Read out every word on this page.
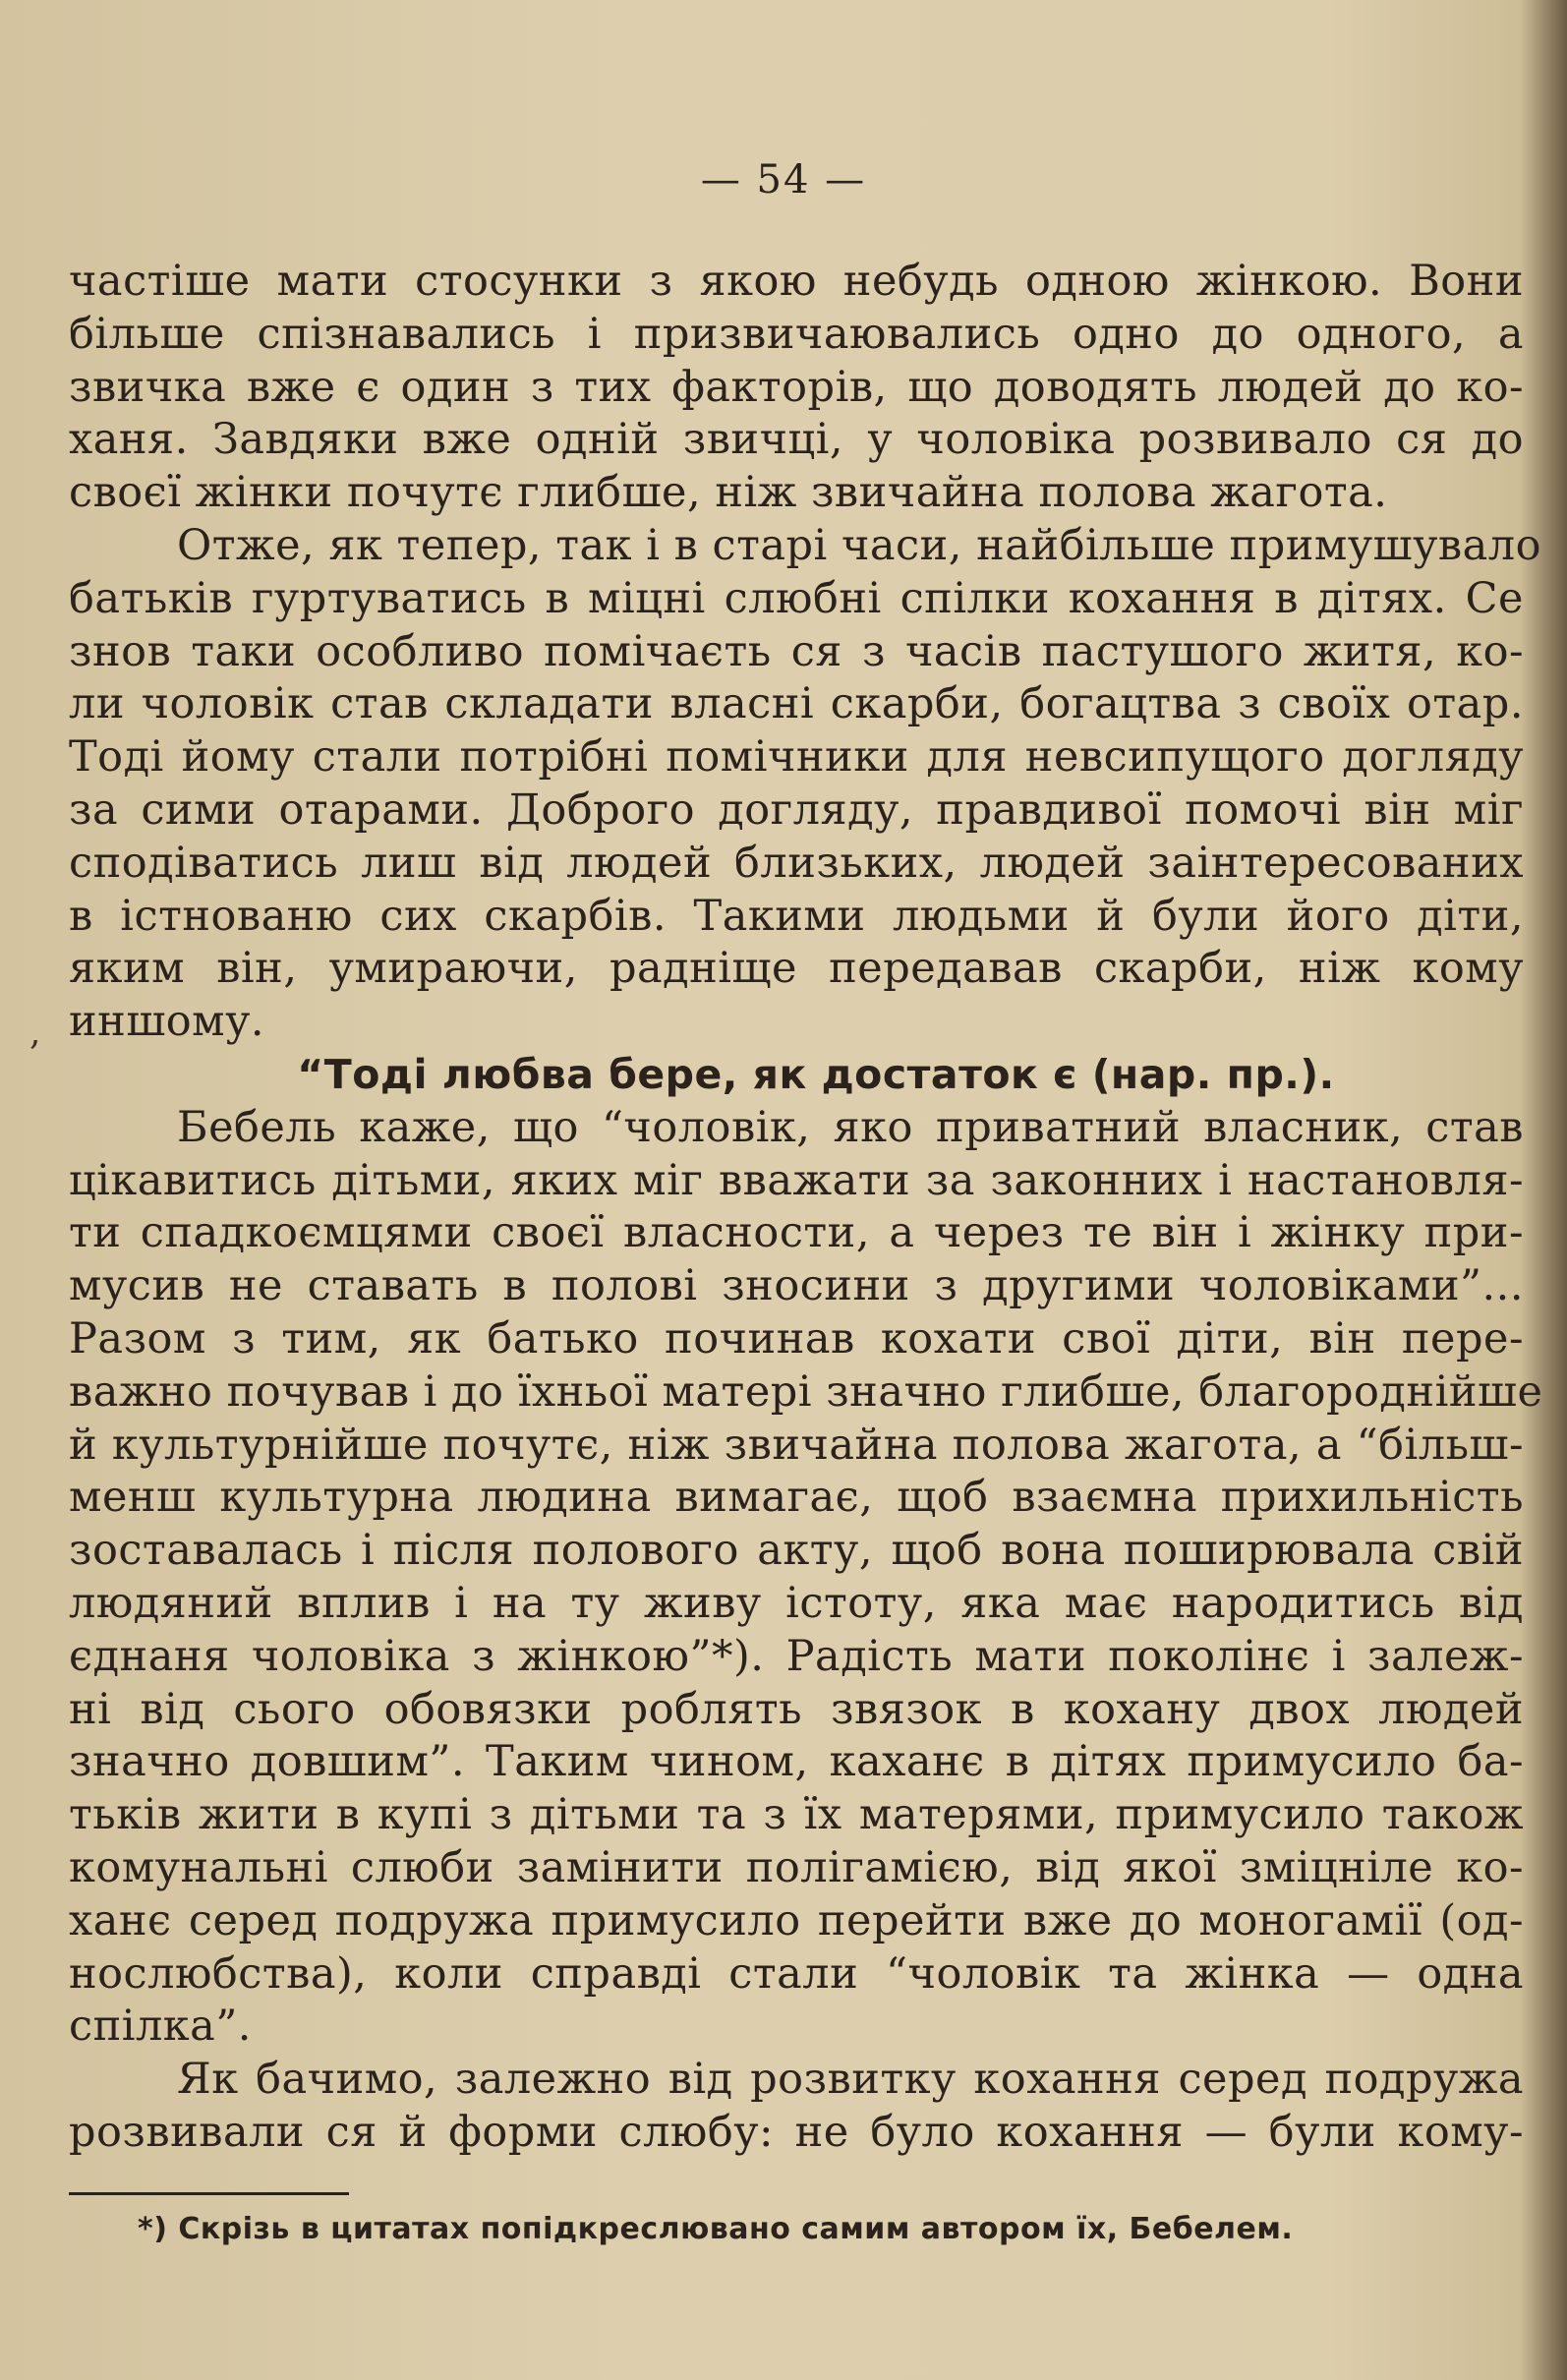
— 54 —
,
частіше мати стосунки з якою небудь одною жінкою. Вони
більше спізнавались і призвичаювались одно до одного, а
звичка вже є один з тих факторів, що доводять людей до ко-
ханя. Завдяки вже одній звичці, у чоловіка розвивало ся до
своєї жінки почутє глибше, ніж звичайна полова жагота.
Отже, як тепер, так і в старі часи, найбільше примушувало
батьків гуртуватись в міцні слюбні спілки кохання в дітях. Се
знов таки особливо помічаєть ся з часів пастушого житя, ко-
ли чоловік став складати власні скарби, богацтва з своїх отар.
Тоді йому стали потрібні помічники для невсипущого догляду
за сими отарами. Доброго догляду, правдивої помочі він міг
сподіватись лиш від людей близьких, людей заінтересованих
в істнованю сих скарбів. Такими людьми й були його діти,
яким він, умираючи, радніще передавав скарби, ніж кому
иншому.
“Тоді любва бере, як достаток є (нар. пр.).
Бебель каже, що “чоловік, яко приватний власник, став
цікавитись дітьми, яких міг вважати за законних і настановля-
ти спадкоємцями своєї власности, а через те він і жінку при-
мусив не ставать в полові зносини з другими чоловіками”...
Разом з тим, як батько починав кохати свої діти, він пере-
важно почував і до їхньої матері значно глибше, благороднійше
й культурнійше почутє, ніж звичайна полова жагота, а “більш-
менш культурна людина вимагає, щоб взаємна прихильність
зоставалась і після полового акту, щоб вона поширювала свій
людяний вплив і на ту живу істоту, яка має народитись від
єднаня чоловіка з жінкою”*). Радість мати поколінє і залеж-
ні від сього обовязки роблять звязок в кохану двох людей
значно довшим”. Таким чином, каханє в дітях примусило ба-
тьків жити в купі з дітьми та з їх матерями, примусило також
комунальні слюби замінити полігамією, від якої зміцніле ко-
ханє серед подружа примусило перейти вже до моногамії (од-
нослюбства), коли справді стали “чоловік та жінка — одна
спілка”.
Як бачимо, залежно від розвитку кохання серед подружа
розвивали ся й форми слюбу: не було кохання — були кому-
*) Скрізь в цитатах попідкреслювано самим автором їх, Бебелем.
